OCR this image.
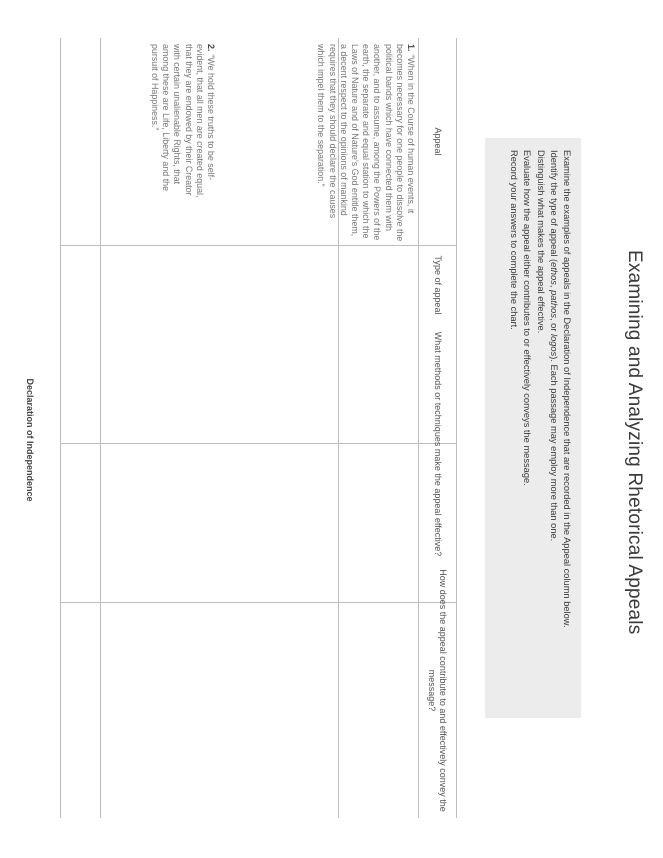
Examining and Analyzing Rhetorical Appeals
Examine the examples of appeals in the Declaration of Independence that are recorded in the Appeal column below.
Identify the type of appeal (ethos, pathos, or logos). Each passage may employ more than one.
Distinguish what makes the appeal effective.
Evaluate how the appeal either contributes to or effectively conveys the message.
Record your answers to complete the chart.
Appeal
Type of appeal
What methods or techniques make the appeal effective?
How does the appeal contribute to and effectively convey the message?
1.“When in the Course of human events, it becomes necessary for one people to dissolve the political bands which have connected them with another, and to assume, among the Powers of the earth, the separate and equal station to which the Laws of Nature and of Nature’s God entitle them, a decent respect to the opinions of mankind requires that they should declare the causes which impel them to the separation.”
2.“We hold these truths to be self-evident, that all men are created equal, that they are endowed by their Creator with certain unalienable Rights, that among these are Life, Liberty and the pursuit of Happiness.”
Declaration of Independence
